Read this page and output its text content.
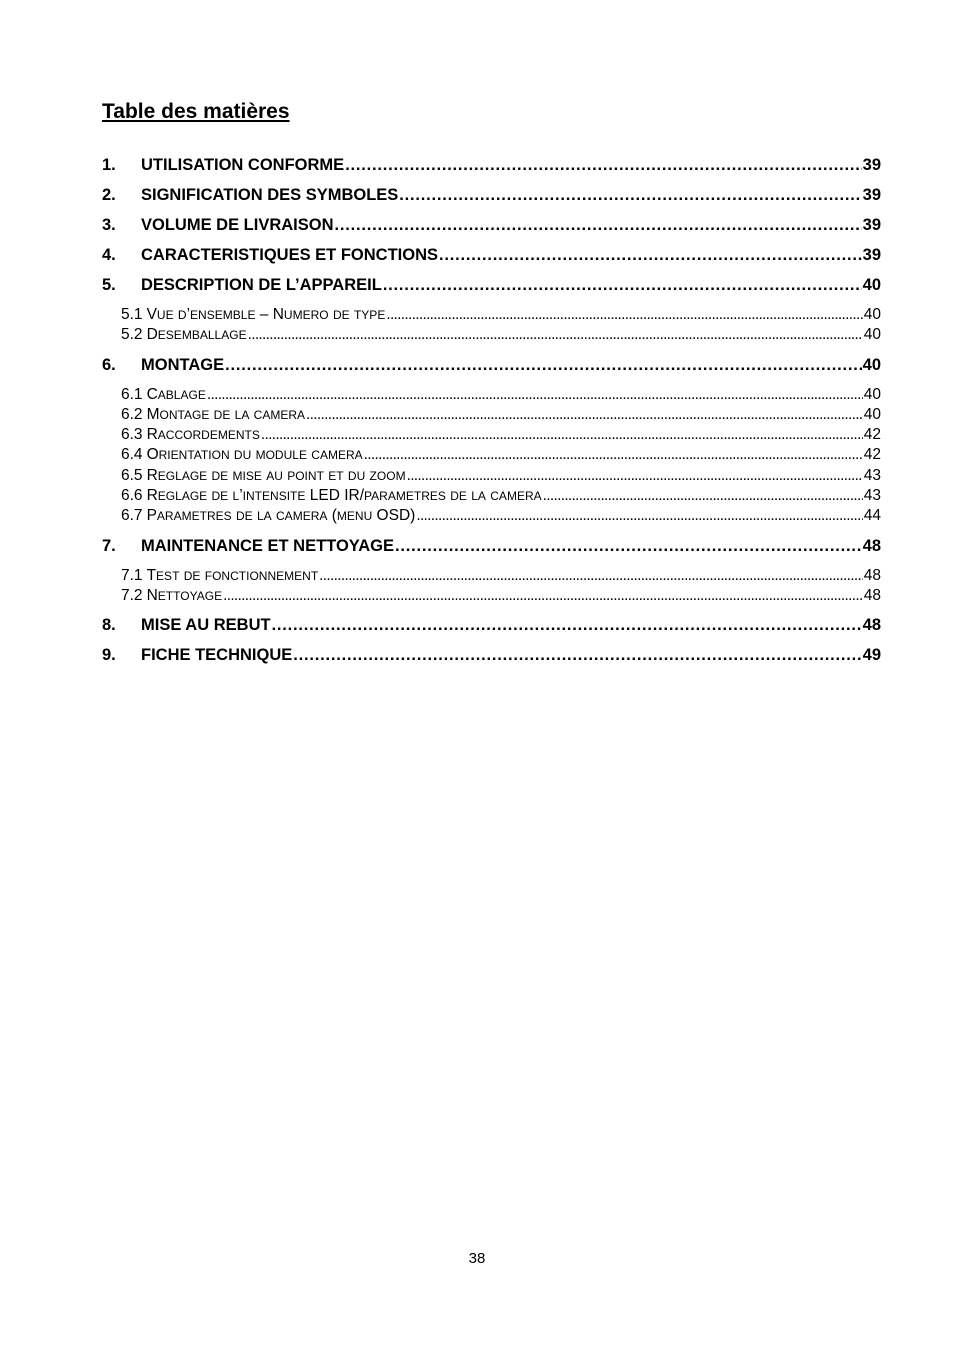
Table des matières
1.	UTILISATION CONFORME . . .	39
2.	SIGNIFICATION DES SYMBOLES . . .	39
3.	VOLUME DE LIVRAISON . . .	39
4.	CARACTERISTIQUES ET FONCTIONS . . .	39
5.	DESCRIPTION DE L’APPAREIL . . .	40
5.1 VUE D’ENSEMBLE – NUMERO DE TYPE . . .	40
5.2 DESEMBALLAGE . . .	40
6.	MONTAGE . . .	40
6.1 CABLAGE . . .	40
6.2 MONTAGE DE LA CAMERA . . .	40
6.3 RACCORDEMENTS . . .	42
6.4 ORIENTATION DU MODULE CAMERA . . .	42
6.5 REGLAGE DE MISE AU POINT ET DU ZOOM . . .	43
6.6 REGLAGE DE L’INTENSITE LED IR/PARAMETRES DE LA CAMERA . . .	43
6.7 PARAMETRES DE LA CAMERA (MENU OSD) . . .	44
7.	MAINTENANCE ET NETTOYAGE . . .	48
7.1 TEST DE FONCTIONNEMENT . . .	48
7.2 NETTOYAGE . . .	48
8.	MISE AU REBUT . . .	48
9.	FICHE TECHNIQUE . . .	49
38
